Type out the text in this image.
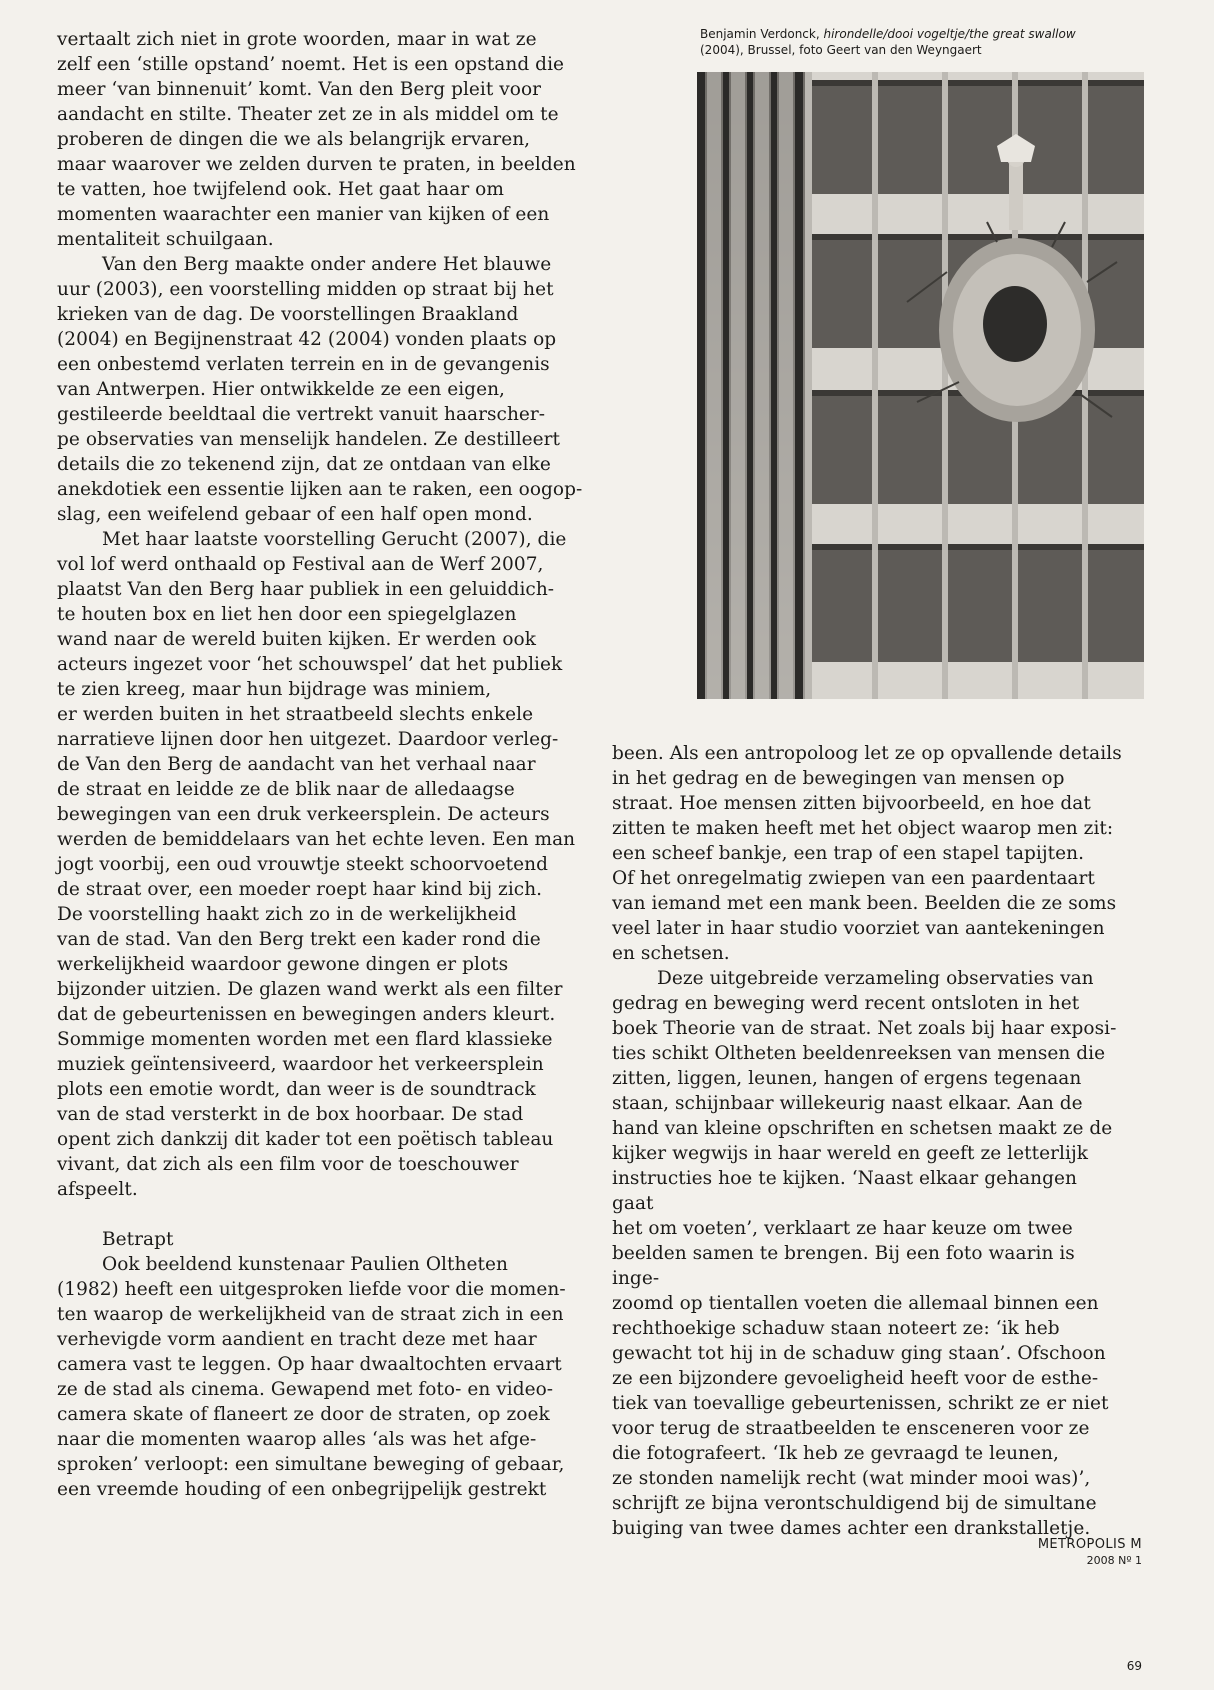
vertaalt zich niet in grote woorden, maar in wat ze
zelf een ‘stille opstand’ noemt. Het is een opstand die
meer ‘van binnenuit’ komt. Van den Berg pleit voor
aandacht en stilte. Theater zet ze in als middel om te
proberen de dingen die we als belangrijk ervaren,
maar waarover we zelden durven te praten, in beelden
te vatten, hoe twijfelend ook. Het gaat haar om
momenten waarachter een manier van kijken of een
mentaliteit schuilgaan.

Van den Berg maakte onder andere Het blauwe
uur (2003), een voorstelling midden op straat bij het
krieken van de dag. De voorstellingen Braakland
(2004) en Begijnenstraat 42 (2004) vonden plaats op
een onbestemd verlaten terrein en in de gevangenis
van Antwerpen. Hier ontwikkelde ze een eigen,
gestileerde beeldtaal die vertrekt vanuit haarscher-
pe observaties van menselijk handelen. Ze destilleert
details die zo tekenend zijn, dat ze ontdaan van elke
anekdotiek een essentie lijken aan te raken, een oogop-
slag, een weifelend gebaar of een half open mond.

Met haar laatste voorstelling Gerucht (2007), die
vol lof werd onthaald op Festival aan de Werf 2007,
plaatst Van den Berg haar publiek in een geluiddich-
te houten box en liet hen door een spiegelglazen
wand naar de wereld buiten kijken. Er werden ook
acteurs ingezet voor ‘het schouwspel’ dat het publiek
te zien kreeg, maar hun bijdrage was miniem,
er werden buiten in het straatbeeld slechts enkele
narratieve lijnen door hen uitgezet. Daardoor verleg-
de Van den Berg de aandacht van het verhaal naar
de straat en leidde ze de blik naar de alledaagse
bewegingen van een druk verkeersplein. De acteurs
werden de bemiddelaars van het echte leven. Een man
jogt voorbij, een oud vrouwtje steekt schoorvoetend
de straat over, een moeder roept haar kind bij zich.
De voorstelling haakt zich zo in de werkelijkheid
van de stad. Van den Berg trekt een kader rond die
werkelijkheid waardoor gewone dingen er plots
bijzonder uitzien. De glazen wand werkt als een filter
dat de gebeurtenissen en bewegingen anders kleurt.
Sommige momenten worden met een flard klassieke
muziek geïntensiveerd, waardoor het verkeersplein
plots een emotie wordt, dan weer is de soundtrack
van de stad versterkt in de box hoorbaar. De stad
opent zich dankzij dit kader tot een poëtisch tableau
vivant, dat zich als een film voor de toeschouwer
afspeelt.

Betrapt

Ook beeldend kunstenaar Paulien Oltheten
(1982) heeft een uitgesproken liefde voor die momen-
ten waarop de werkelijkheid van de straat zich in een
verhevigde vorm aandient en tracht deze met haar
camera vast te leggen. Op haar dwaaltochten ervaart
ze de stad als cinema. Gewapend met foto- en video-
camera skate of flaneert ze door de straten, op zoek
naar die momenten waarop alles ‘als was het afge-
sproken’ verloopt: een simultane beweging of gebaar,
een vreemde houding of een onbegrijpelijk gestrekt

Benjamin Verdonck, hirondelle/dooi vogeltje/the great swallow (2004), Brussel, foto Geert van den Weyngaert

been. Als een antropoloog let ze op opvallende details
in het gedrag en de bewegingen van mensen op
straat. Hoe mensen zitten bijvoorbeeld, en hoe dat
zitten te maken heeft met het object waarop men zit:
een scheef bankje, een trap of een stapel tapijten.
Of het onregelmatig zwiepen van een paardentaart
van iemand met een mank been. Beelden die ze soms
veel later in haar studio voorziet van aantekeningen
en schetsen.

Deze uitgebreide verzameling observaties van
gedrag en beweging werd recent ontsloten in het
boek Theorie van de straat. Net zoals bij haar exposi-
ties schikt Oltheten beeldenreeksen van mensen die
zitten, liggen, leunen, hangen of ergens tegenaan
staan, schijnbaar willekeurig naast elkaar. Aan de
hand van kleine opschriften en schetsen maakt ze de
kijker wegwijs in haar wereld en geeft ze letterlijk
instructies hoe te kijken. ‘Naast elkaar gehangen gaat
het om voeten’, verklaart ze haar keuze om twee
beelden samen te brengen. Bij een foto waarin is inge-
zoomd op tientallen voeten die allemaal binnen een
rechthoekige schaduw staan noteert ze: ‘ik heb
gewacht tot hij in de schaduw ging staan’. Ofschoon
ze een bijzondere gevoeligheid heeft voor de esthe-
tiek van toevallige gebeurtenissen, schrikt ze er niet
voor terug de straatbeelden te ensceneren voor ze
die fotografeert. ‘Ik heb ze gevraagd te leunen,
ze stonden namelijk recht (wat minder mooi was)’,
schrijft ze bijna verontschuldigend bij de simultane
buiging van twee dames achter een drankstalletje.

METROPOLIS M
2008 Nº 1
69
